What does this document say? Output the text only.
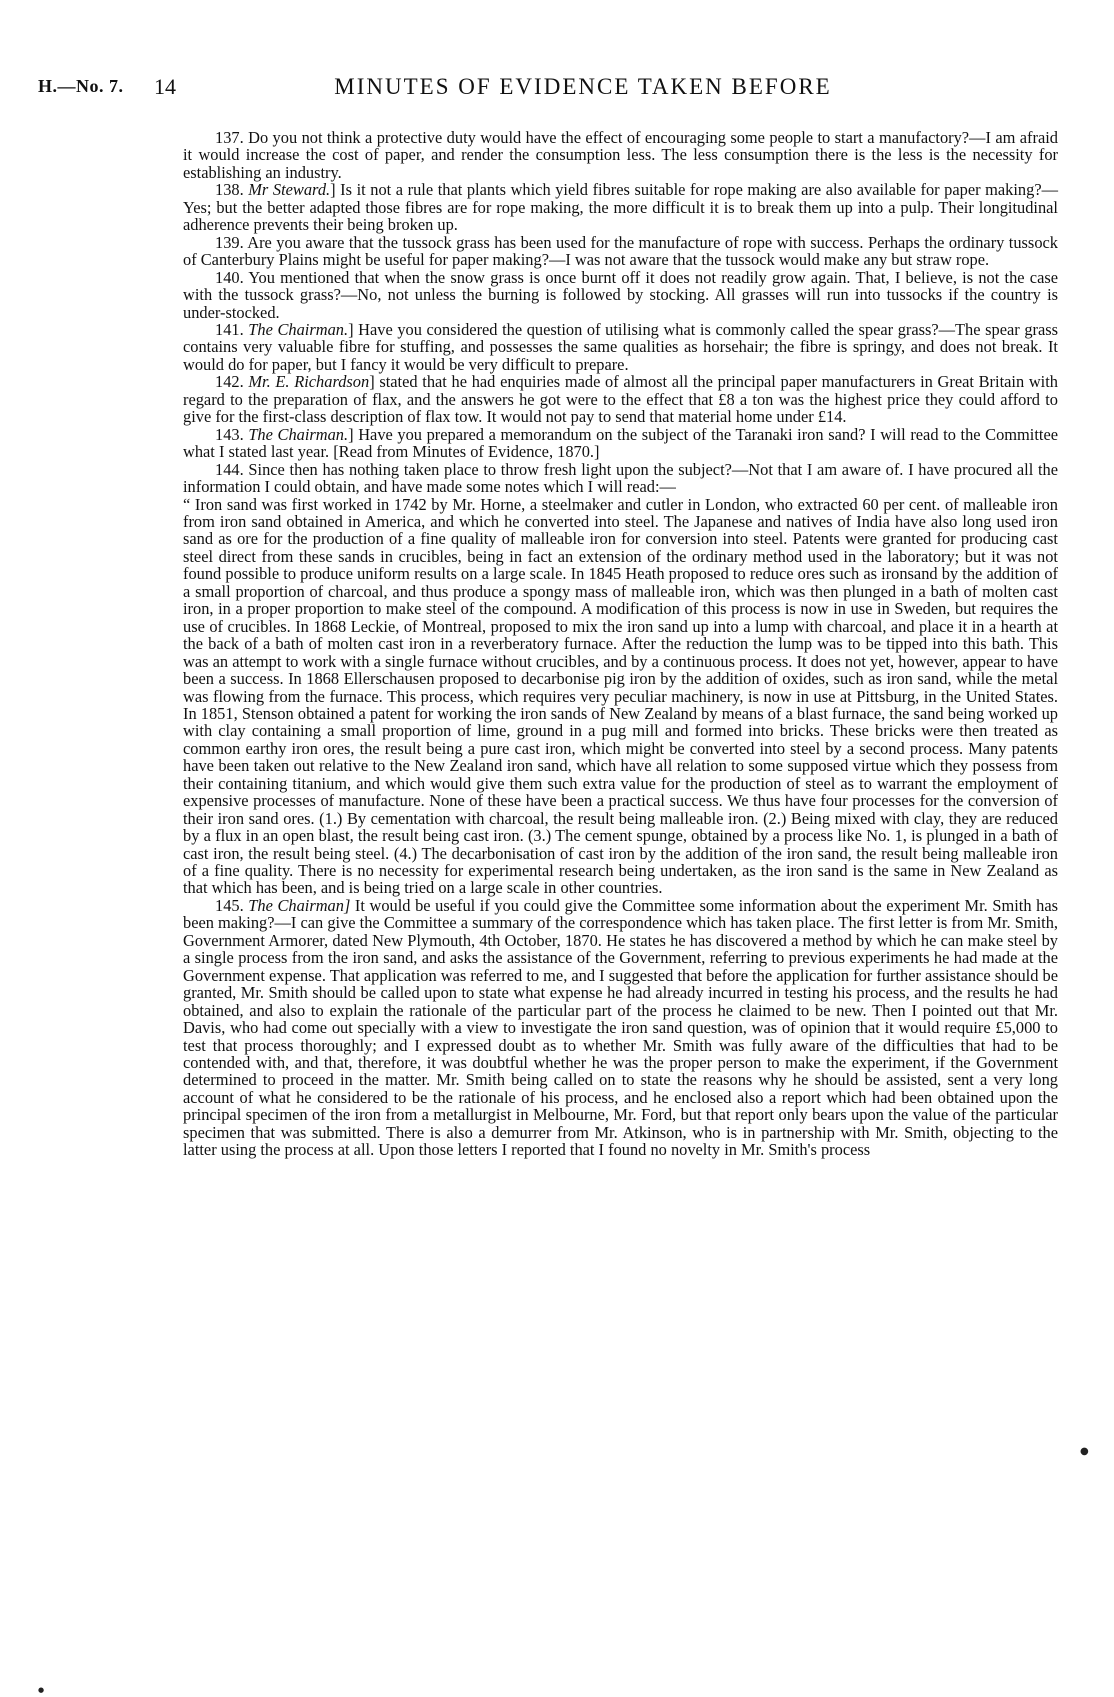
H.—No. 7. 14	MINUTES OF EVIDENCE TAKEN BEFORE

137. Do you not think a protective duty would have the effect of encouraging some people to start a manufactory?—I am afraid it would increase the cost of paper, and render the consumption less. The less consumption there is the less is the necessity for establishing an industry.

138. Mr Steward.] Is it not a rule that plants which yield fibres suitable for rope making are also available for paper making?—Yes; but the better adapted those fibres are for rope making, the more difficult it is to break them up into a pulp. Their longitudinal adherence prevents their being broken up.

139. Are you aware that the tussock grass has been used for the manufacture of rope with success. Perhaps the ordinary tussock of Canterbury Plains might be useful for paper making?—I was not aware that the tussock would make any but straw rope.

140. You mentioned that when the snow grass is once burnt off it does not readily grow again. That, I believe, is not the case with the tussock grass?—No, not unless the burning is followed by stocking. All grasses will run into tussocks if the country is under-stocked.

141. The Chairman.] Have you considered the question of utilising what is commonly called the spear grass?—The spear grass contains very valuable fibre for stuffing, and possesses the same qualities as horsehair; the fibre is springy, and does not break. It would do for paper, but I fancy it would be very difficult to prepare.

142. Mr. E. Richardson] stated that he had enquiries made of almost all the principal paper manufacturers in Great Britain with regard to the preparation of flax, and the answers he got were to the effect that £8 a ton was the highest price they could afford to give for the first-class description of flax tow. It would not pay to send that material home under £14.

143. The Chairman.] Have you prepared a memorandum on the subject of the Taranaki iron sand? I will read to the Committee what I stated last year. [Read from Minutes of Evidence, 1870.]

144. Since then has nothing taken place to throw fresh light upon the subject?—Not that I am aware of. I have procured all the information I could obtain, and have made some notes which I will read:—

“ Iron sand was first worked in 1742 by Mr. Horne, a steelmaker and cutler in London, who extracted 60 per cent. of malleable iron from iron sand obtained in America, and which he converted into steel. The Japanese and natives of India have also long used iron sand as ore for the production of a fine quality of malleable iron for conversion into steel. Patents were granted for producing cast steel direct from these sands in crucibles, being in fact an extension of the ordinary method used in the laboratory; but it was not found possible to produce uniform results on a large scale. In 1845 Heath proposed to reduce ores such as ironsand by the addition of a small proportion of charcoal, and thus produce a spongy mass of malleable iron, which was then plunged in a bath of molten cast iron, in a proper proportion to make steel of the compound. A modification of this process is now in use in Sweden, but requires the use of crucibles. In 1868 Leckie, of Montreal, proposed to mix the iron sand up into a lump with charcoal, and place it in a hearth at the back of a bath of molten cast iron in a reverberatory furnace. After the reduction the lump was to be tipped into this bath. This was an attempt to work with a single furnace without crucibles, and by a continuous process. It does not yet, however, appear to have been a success. In 1868 Ellerschausen proposed to decarbonise pig iron by the addition of oxides, such as iron sand, while the metal was flowing from the furnace. This process, which requires very peculiar machinery, is now in use at Pittsburg, in the United States. In 1851, Stenson obtained a patent for working the iron sands of New Zealand by means of a blast furnace, the sand being worked up with clay containing a small proportion of lime, ground in a pug mill and formed into bricks. These bricks were then treated as common earthy iron ores, the result being a pure cast iron, which might be converted into steel by a second process. Many patents have been taken out relative to the New Zealand iron sand, which have all relation to some supposed virtue which they possess from their containing titanium, and which would give them such extra value for the production of steel as to warrant the employment of expensive processes of manufacture. None of these have been a practical success. We thus have four processes for the conversion of their iron sand ores. (1.) By cementation with charcoal, the result being malleable iron. (2.) Being mixed with clay, they are reduced by a flux in an open blast, the result being cast iron. (3.) The cement spunge, obtained by a process like No. 1, is plunged in a bath of cast iron, the result being steel. (4.) The decarbonisation of cast iron by the addition of the iron sand, the result being malleable iron of a fine quality. There is no necessity for experimental research being undertaken, as the iron sand is the same in New Zealand as that which has been, and is being tried on a large scale in other countries.

145. The Chairman] It would be useful if you could give the Committee some information about the experiment Mr. Smith has been making?—I can give the Committee a summary of the correspondence which has taken place. The first letter is from Mr. Smith, Government Armorer, dated New Plymouth, 4th October, 1870. He states he has discovered a method by which he can make steel by a single process from the iron sand, and asks the assistance of the Government, referring to previous experiments he had made at the Government expense. That application was referred to me, and I suggested that before the application for further assistance should be granted, Mr. Smith should be called upon to state what expense he had already incurred in testing his process, and the results he had obtained, and also to explain the rationale of the particular part of the process he claimed to be new. Then I pointed out that Mr. Davis, who had come out specially with a view to investigate the iron sand question, was of opinion that it would require £5,000 to test that process thoroughly; and I expressed doubt as to whether Mr. Smith was fully aware of the difficulties that had to be contended with, and that, therefore, it was doubtful whether he was the proper person to make the experiment, if the Government determined to proceed in the matter. Mr. Smith being called on to state the reasons why he should be assisted, sent a very long account of what he considered to be the rationale of his process, and he enclosed also a report which had been obtained upon the principal specimen of the iron from a metallurgist in Melbourne, Mr. Ford, but that report only bears upon the value of the particular specimen that was submitted. There is also a demurrer from Mr. Atkinson, who is in partnership with Mr. Smith, objecting to the latter using the process at all. Upon those letters I reported that I found no novelty in Mr. Smith's process

●
●
